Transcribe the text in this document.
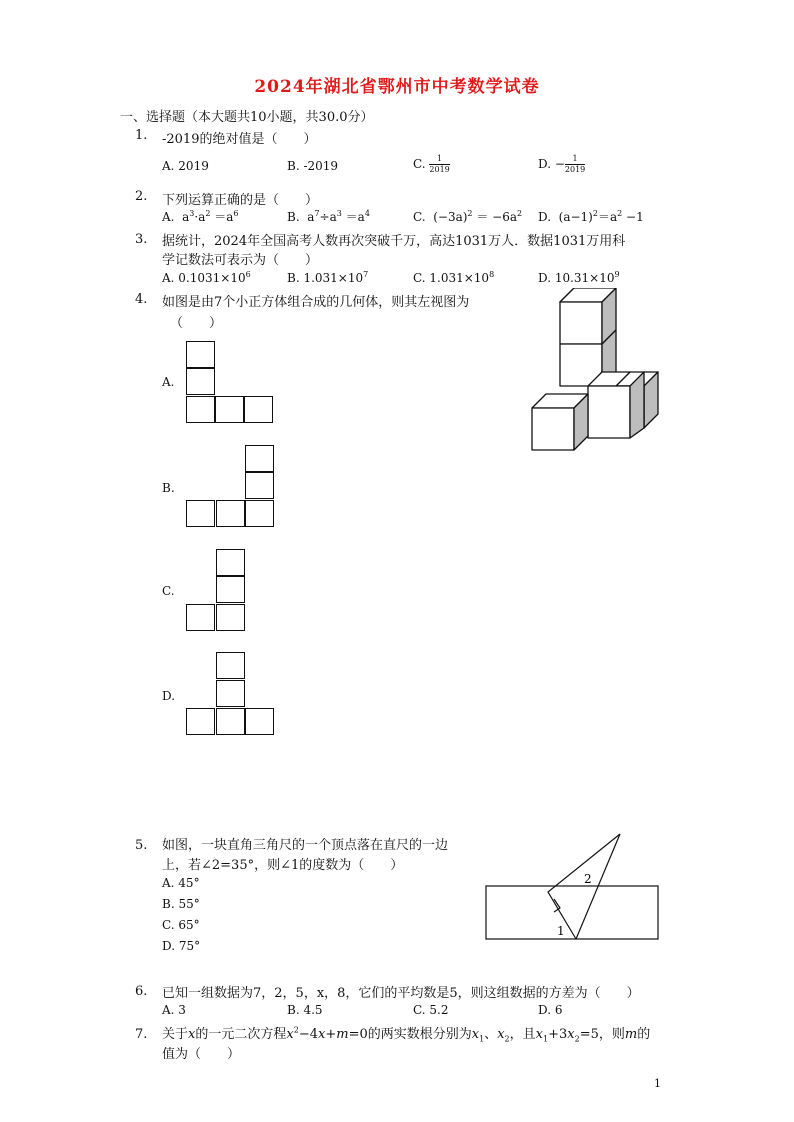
2024年湖北省鄂州市中考数学试卷
一、选择题（本大题共10小题，共30.0分）
1. -2019的绝对值是（　　）
A. 2019	B. -2019	C. $\frac{1}{2019}$	D. − $\frac{1}{2019}$
2. 下列运算正确的是（　　）
A.  $a^3\cdot a^2 =a^6$	B.  $a^7\div a^3 =a^4$	C.  $(-3a)^2 = -6a^2$ D.  $(a-1)^2=a^2 -1$
3. 据统计，2024年全国高考人数再次突破千万，高达1031万人．数据1031万用科
学记数法可表示为（　　）
A. $0.1031\times 10^6$	B. $1.031\times 10^7$	C. $1.031\times 10^8$	D. $10.31\times 10^9$
4. 如图是由7个小正方体组合成的几何体，则其左视图为
（　　）
A.
B.
C.
D.
5. 如图，一块直角三角尺的一个顶点落在直尺的一边
上，若∠2=35°，则∠1的度数为（　　）
A. 45°
B. 55°
C. 65°
D. 75°
2
1
6. 已知一组数据为7，2，5，x，8，它们的平均数是5，则这组数据的方差为（　　）
A. 3	B. 4.5	C. 5.2	D. 6
7. 关于x的一元二次方程$x^2-4x+m=0$的两实数根分别为$x_1$、$x_2$，且$x_1+3x_2=5$，则m的
值为（　　）
1
